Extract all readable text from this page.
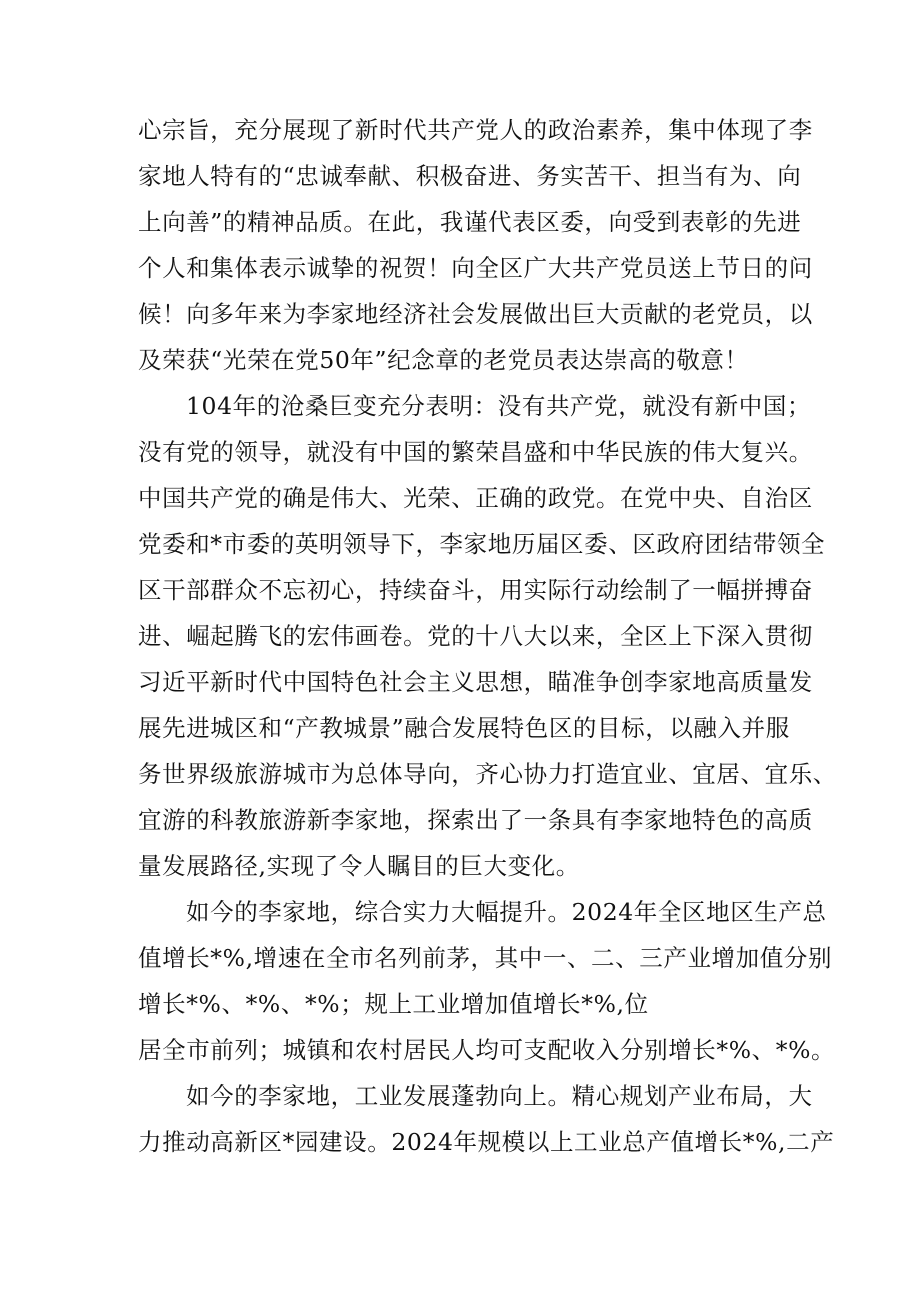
心宗旨，充分展现了新时代共产党人的政治素养，集中体现了李
家地人特有的“忠诚奉献、积极奋进、务实苦干、担当有为、向
上向善”的精神品质。在此，我谨代表区委，向受到表彰的先进
个人和集体表示诚挚的祝贺！向全区广大共产党员送上节日的问
候！向多年来为李家地经济社会发展做出巨大贡献的老党员，以
及荣获“光荣在党50年”纪念章的老党员表达崇高的敬意！
104年的沧桑巨变充分表明：没有共产党，就没有新中国；
没有党的领导，就没有中国的繁荣昌盛和中华民族的伟大复兴。
中国共产党的确是伟大、光荣、正确的政党。在党中央、自治区
党委和*市委的英明领导下，李家地历届区委、区政府团结带领全
区干部群众不忘初心，持续奋斗，用实际行动绘制了一幅拼搏奋
进、崛起腾飞的宏伟画卷。党的十八大以来，全区上下深入贯彻
习近平新时代中国特色社会主义思想，瞄准争创李家地高质量发
展先进城区和“产教城景”融合发展特色区的目标，以融入并服
务世界级旅游城市为总体导向，齐心协力打造宜业、宜居、宜乐、
宜游的科教旅游新李家地，探索出了一条具有李家地特色的高质
量发展路径,实现了令人瞩目的巨大变化。
如今的李家地，综合实力大幅提升。2024年全区地区生产总
值增长*%,增速在全市名列前茅，其中一、二、三产业增加值分别
增长*%、*%、*%；规上工业增加值增长*%,位
居全市前列；城镇和农村居民人均可支配收入分别增长*%、*%。
如今的李家地，工业发展蓬勃向上。精心规划产业布局，大
力推动高新区*园建设。2024年规模以上工业总产值增长*%,二产
